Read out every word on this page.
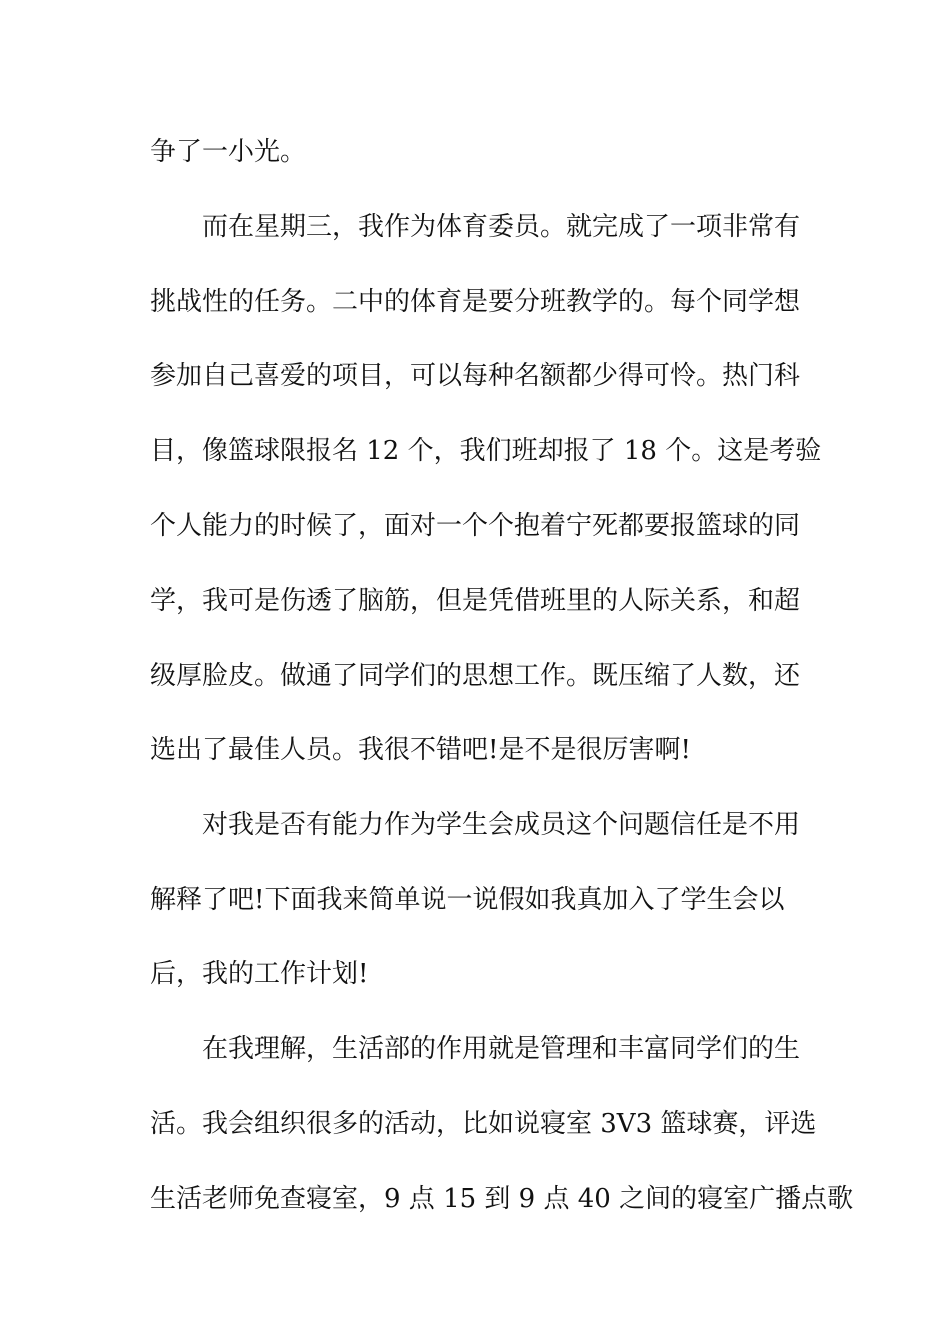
争了一小光。
而在星期三，我作为体育委员。就完成了一项非常有
挑战性的任务。二中的体育是要分班教学的。每个同学想
参加自己喜爱的项目，可以每种名额都少得可怜。热门科
目，像篮球限报名 12 个，我们班却报了 18 个。这是考验
个人能力的时候了，面对一个个抱着宁死都要报篮球的同
学，我可是伤透了脑筋，但是凭借班里的人际关系，和超
级厚脸皮。做通了同学们的思想工作。既压缩了人数，还
选出了最佳人员。我很不错吧!是不是很厉害啊!
对我是否有能力作为学生会成员这个问题信任是不用
解释了吧!下面我来简单说一说假如我真加入了学生会以
后，我的工作计划!
在我理解，生活部的作用就是管理和丰富同学们的生
活。我会组织很多的活动，比如说寝室 3V3 篮球赛，评选
生活老师免查寝室，9 点 15 到 9 点 40 之间的寝室广播点歌
